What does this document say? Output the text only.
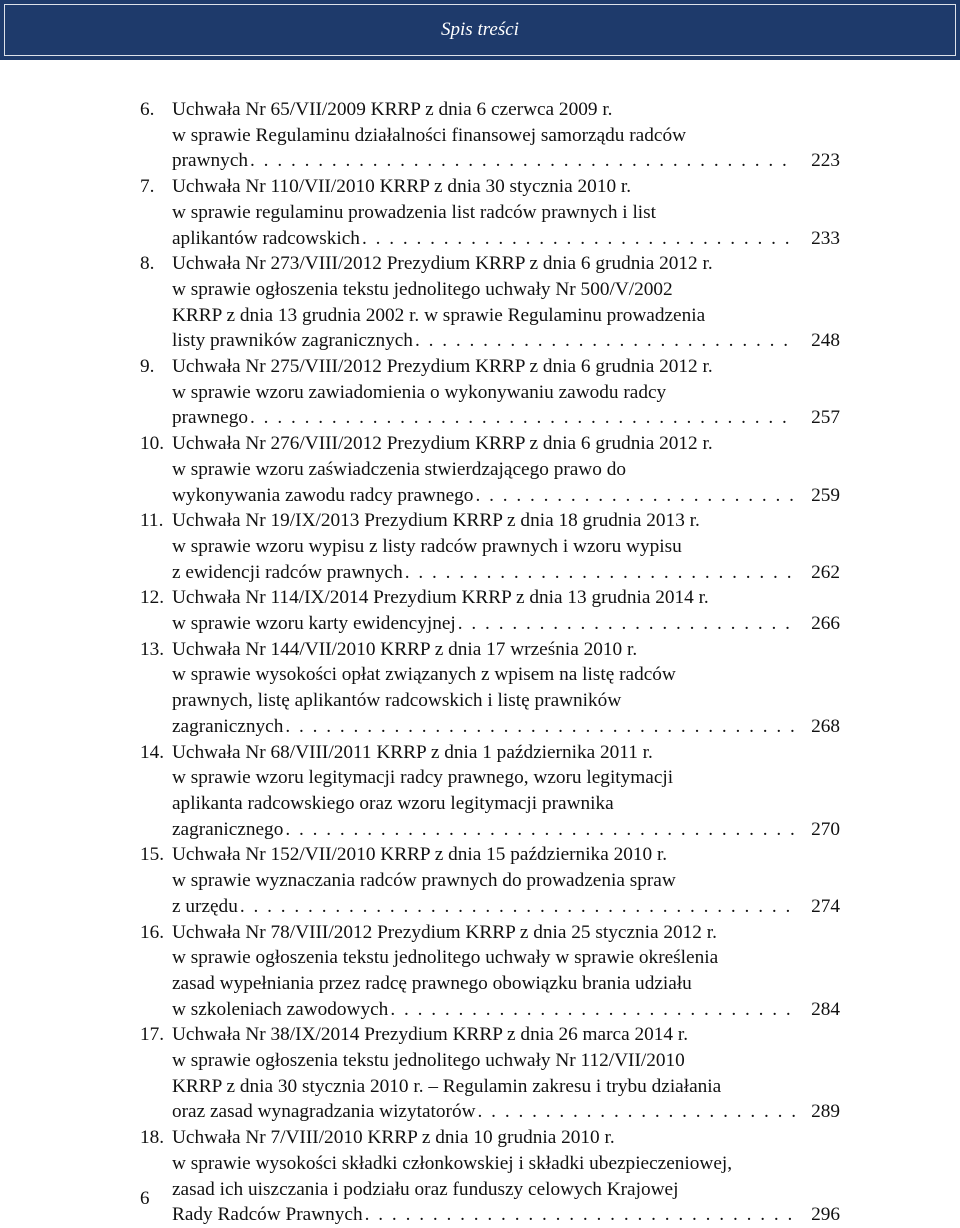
Spis treści
6. Uchwała Nr 65/VII/2009 KRRP z dnia 6 czerwca 2009 r.
w sprawie Regulaminu działalności finansowej samorządu radców
prawnych . . .	223
7. Uchwała Nr 110/VII/2010 KRRP z dnia 30 stycznia 2010 r.
w sprawie regulaminu prowadzenia list radców prawnych i list
aplikantów radcowskich . . .	233
8. Uchwała Nr 273/VIII/2012 Prezydium KRRP z dnia 6 grudnia 2012 r.
w sprawie ogłoszenia tekstu jednolitego uchwały Nr 500/V/2002
KRRP z dnia 13 grudnia 2002 r. w sprawie Regulaminu prowadzenia
listy prawników zagranicznych . . .	248
9. Uchwała Nr 275/VIII/2012 Prezydium KRRP z dnia 6 grudnia 2012 r.
w sprawie wzoru zawiadomienia o wykonywaniu zawodu radcy
prawnego . . .	257
10. Uchwała Nr 276/VIII/2012 Prezydium KRRP z dnia 6 grudnia 2012 r.
w sprawie wzoru zaświadczenia stwierdzającego prawo do
wykonywania zawodu radcy prawnego . . .	259
11. Uchwała Nr 19/IX/2013 Prezydium KRRP z dnia 18 grudnia 2013 r.
w sprawie wzoru wypisu z listy radców prawnych i wzoru wypisu
z ewidencji radców prawnych . . .	262
12. Uchwała Nr 114/IX/2014 Prezydium KRRP z dnia 13 grudnia 2014 r.
w sprawie wzoru karty ewidencyjnej . . .	266
13. Uchwała Nr 144/VII/2010 KRRP z dnia 17 września 2010 r.
w sprawie wysokości opłat związanych z wpisem na listę radców
prawnych, listę aplikantów radcowskich i listę prawników
zagranicznych . . .	268
14. Uchwała Nr 68/VIII/2011 KRRP z dnia 1 października 2011 r.
w sprawie wzoru legitymacji radcy prawnego, wzoru legitymacji
aplikanta radcowskiego oraz wzoru legitymacji prawnika
zagranicznego . . .	270
15. Uchwała Nr 152/VII/2010 KRRP z dnia 15 października 2010 r.
w sprawie wyznaczania radców prawnych do prowadzenia spraw
z urzędu . . .	274
16. Uchwała Nr 78/VIII/2012 Prezydium KRRP z dnia 25 stycznia 2012 r.
w sprawie ogłoszenia tekstu jednolitego uchwały w sprawie określenia
zasad wypełniania przez radcę prawnego obowiązku brania udziału
w szkoleniach zawodowych . . .	284
17. Uchwała Nr 38/IX/2014 Prezydium KRRP z dnia 26 marca 2014 r.
w sprawie ogłoszenia tekstu jednolitego uchwały Nr 112/VII/2010
KRRP z dnia 30 stycznia 2010 r. – Regulamin zakresu i trybu działania
oraz zasad wynagradzania wizytatorów . . .	289
18. Uchwała Nr 7/VIII/2010 KRRP z dnia 10 grudnia 2010 r.
w sprawie wysokości składki członkowskiej i składki ubezpieczeniowej,
zasad ich uiszczania i podziału oraz funduszy celowych Krajowej
Rady Radców Prawnych . . .	296
6
